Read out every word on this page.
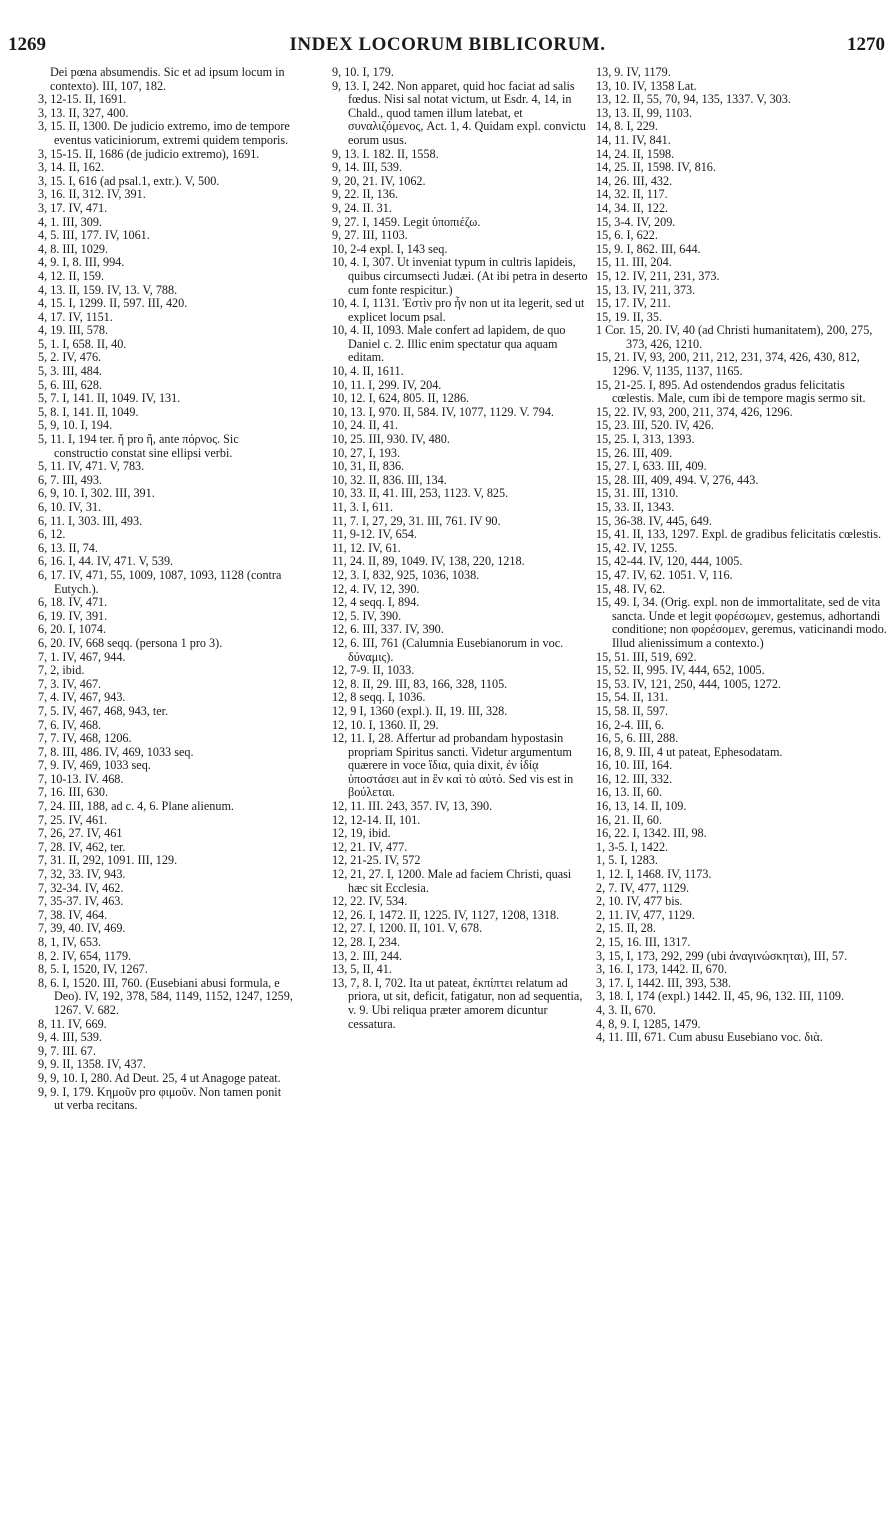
1269	INDEX LOCORUM BIBLICORUM.	1270
Dei pœna absumendis. Sic et ad ipsum locum in contexto). III, 107, 182.
3, 12-15. II, 1691.
3, 13. II, 327, 400.
3, 15. II, 1300. De judicio extremo, imo de tempore eventus vaticiniorum, extremi quidem temporis.
3, 15-15. II, 1686 (de judicio extremo), 1691.
3, 14. II, 162.
3, 15. I, 616 (ad psal.1, extr.). V, 500.
3, 16. II, 312. IV, 391.
3, 17. IV, 471.
4, 1. III, 309.
4, 5. III, 177. IV, 1061.
4, 8. III, 1029.
4, 9. I, 8. III, 994.
4, 12. II, 159.
4, 13. II, 159. IV, 13. V, 788.
4, 15. I, 1299. II, 597. III, 420.
4, 17. IV, 1151.
4, 19. III, 578.
5, 1. I, 658. II, 40.
5, 2. IV, 476.
5, 3. III, 484.
5, 6. III, 628.
5, 7. I, 141. II, 1049. IV, 131.
5, 8. I, 141. II, 1049.
5, 9, 10. I, 194.
5, 11. I, 194 ter. ἤ pro ἤ, ante πόρνος. Sic constructio constat sine ellipsi verbi.
5, 11. IV, 471. V, 783.
6, 7. III, 493.
6, 9, 10. I, 302. III, 391.
6, 10. IV, 31.
6, 11. I, 303. III, 493.
6, 12.
6, 13. II, 74.
6, 16. I, 44. IV, 471. V, 539.
6, 17. IV, 471, 55, 1009, 1087, 1093, 1128 (contra Eutych.).
6, 18. IV, 471.
6, 19. IV, 391.
6, 20. I, 1074.
6, 20. IV, 668 seqq. (persona 1 pro 3).
7, 1. IV, 467, 944.
7, 2, ibid.
7, 3. IV, 467.
7, 4. IV, 467, 943.
7, 5. IV, 467, 468, 943, ter.
7, 6. IV, 468.
7, 7. IV, 468, 1206.
7, 8. III, 486. IV, 469, 1033 seq.
7, 9. IV, 469, 1033 seq.
7, 10-13. IV. 468.
7, 16. III, 630.
7, 24. III, 188, ad c. 4, 6. Plane alienum.
7, 25. IV, 461.
7, 26, 27. IV, 461
7, 28. IV, 462, ter.
7, 31. II, 292, 1091. III, 129.
7, 32, 33. IV, 943.
7, 32-34. IV, 462.
7, 35-37. IV, 463.
7, 38. IV, 464.
7, 39, 40. IV, 469.
8, 1, IV, 653.
8, 2. IV, 654, 1179.
8, 5. I, 1520, IV, 1267.
8, 6. I, 1520. III, 760. (Eusebiani abusi formula, e Deo). IV, 192, 378, 584, 1149, 1152, 1247, 1259, 1267. V. 682.
8, 11. IV, 669.
9, 4. III, 539.
9, 7. III. 67.
9, 9. II, 1358. IV, 437.
9, 9, 10. I, 280. Ad Deut. 25, 4 ut Anagoge pateat.
9, 9. I, 179. Κημοῦν pro φιμοῦν. Non tamen ponit ut verba recitans.
9, 10. I, 179.
9, 13. I, 242. Non apparet, quid hoc faciat ad salis fœdus. Nisi sal notat victum, ut Esdr. 4, 14, in Chald., quod tamen illum latebat, et συναλιζόμενος, Act. 1, 4. Quidam expl. convictu eorum usus.
9, 13. I. 182. II, 1558.
9, 14. III, 539.
9, 20, 21. IV, 1062.
9, 22. II, 136.
9, 24. II. 31.
9, 27. I, 1459. Legit ὑποπιέζω.
9, 27. III, 1103.
10, 2-4 expl. I, 143 seq.
10, 4. I, 307. Ut inveniat typum in cultris lapideis, quibus circumsecti Judæi. (At ibi petra in deserto cum fonte respicitur.)
10, 4. I, 1131. Ἐστὶν pro ἦν non ut ita legerit, sed ut explicet locum psal.
10, 4. II, 1093. Male confert ad lapidem, de quo Daniel c. 2. Illic enim spectatur qua aquam editam.
10, 4. II, 1611.
10, 11. I, 299. IV, 204.
10, 12. I, 624, 805. II, 1286.
10, 13. I, 970. II, 584. IV, 1077, 1129. V. 794.
10, 24. II, 41.
10, 25. III, 930. IV, 480.
10, 27, I, 193.
10, 31, II, 836.
10, 32. II, 836. III, 134.
10, 33. II, 41. III, 253, 1123. V, 825.
11, 3. I, 611.
11, 7. I, 27, 29, 31. III, 761. IV 90.
11, 9-12. IV, 654.
11, 12. IV, 61.
11, 24. II, 89, 1049. IV, 138, 220, 1218.
12, 3. I, 832, 925, 1036, 1038.
12, 4. IV, 12, 390.
12, 4 seqq. I, 894.
12, 5. IV, 390.
12, 6. III, 337. IV, 390.
12, 6. III, 761 (Calumnia Eusebianorum in voc. δύναμις).
12, 7-9. II, 1033.
12, 8. II, 29. III, 83, 166, 328, 1105.
12, 8 seqq. I, 1036.
12, 9 I, 1360 (expl.). II, 19. III, 328.
12, 10. I, 1360. II, 29.
12, 11. I, 28. Affertur ad probandam hypostasin propriam Spiritus sancti. Videtur argumentum quærere in voce ἴδια, quia dixit, ἐν ἰδίᾳ ὑποστάσει aut in ἓν καὶ τὸ αὐτό. Sed vis est in βούλεται.
12, 11. III. 243, 357. IV, 13, 390.
12, 12-14. II, 101.
12, 19, ibid.
12, 21. IV, 477.
12, 21-25. IV, 572
12, 21, 27. I, 1200. Male ad faciem Christi, quasi hæc sit Ecclesia.
12, 22. IV, 534.
12, 26. I, 1472. II, 1225. IV, 1127, 1208, 1318.
12, 27. I, 1200. II, 101. V, 678.
12, 28. I, 234.
13, 2. III, 244.
13, 5, II, 41.
13, 7, 8. I, 702. Ita ut pateat, ἐκπίπτει relatum ad priora, ut sit, deficit, fatigatur, non ad sequentia, v. 9. Ubi reliqua præter amorem dicuntur cessatura.
13, 9. IV, 1179.
13, 10. IV, 1358 Lat.
13, 12. II, 55, 70, 94, 135, 1337. V, 303.
13, 13. II, 99, 1103.
14, 8. I, 229.
14, 11. IV, 841.
14, 24. II, 1598.
14, 25. II, 1598. IV, 816.
14, 26. III, 432.
14, 32. II, 117.
14, 34. II, 122.
15, 3-4. IV, 209.
15, 6. I, 622.
15, 9. I, 862. III, 644.
15, 11. III, 204.
15, 12. IV, 211, 231, 373.
15, 13. IV, 211, 373.
15, 17. IV, 211.
15, 19. II, 35.
1 Cor. 15, 20. IV, 40 (ad Christi humanitatem), 200, 275, 373, 426, 1210.
15, 21. IV, 93, 200, 211, 212, 231, 374, 426, 430, 812, 1296. V, 1135, 1137, 1165.
15, 21-25. I, 895. Ad ostendendos gradus felicitatis cœlestis. Male, cum ibi de tempore magis sermo sit.
15, 22. IV, 93, 200, 211, 374, 426, 1296.
15, 23. III, 520. IV, 426.
15, 25. I, 313, 1393.
15, 26. III, 409.
15, 27. I, 633. III, 409.
15, 28. III, 409, 494. V, 276, 443.
15, 31. III, 1310.
15, 33. II, 1343.
15, 36-38. IV, 445, 649.
15, 41. II, 133, 1297. Expl. de gradibus felicitatis cœlestis.
15, 42. IV, 1255.
15, 42-44. IV, 120, 444, 1005.
15, 47. IV, 62. 1051. V, 116.
15, 48. IV, 62.
15, 49. I, 34. (Orig. expl. non de immortalitate, sed de vita sancta. Unde et legit φορέσωμεν, gestemus, adhortandi conditione; non φορέσομεν, geremus, vaticinandi modo. Illud alienissimum a contexto.)
15, 51. III, 519, 692.
15, 52. II, 995. IV, 444, 652, 1005.
15, 53. IV, 121, 250, 444, 1005, 1272.
15, 54. II, 131.
15, 58. II, 597.
16, 2-4. III, 6.
16, 5, 6. III, 288.
16, 8, 9. III, 4 ut pateat, Ephesodatam.
16, 10. III, 164.
16, 12. III, 332.
16, 13. II, 60.
16, 13, 14. II, 109.
16, 21. II, 60.
16, 22. I, 1342. III, 98.
1, 3-5. I, 1422.
1, 5. I, 1283.
1, 12. I, 1468. IV, 1173.
2, 7. IV, 477, 1129.
2, 10. IV, 477 bis.
2, 11. IV, 477, 1129.
2, 15. II, 28.
2, 15, 16. III, 1317.
3, 15, I, 173, 292, 299 (ubi ἀναγινώσκηται), III, 57.
3, 16. I, 173, 1442. II, 670.
3, 17. I, 1442. III, 393, 538.
3, 18. I, 174 (expl.) 1442. II, 45, 96, 132. III, 1109.
4, 3. II, 670.
4, 8, 9. I, 1285, 1479.
4, 11. III, 671. Cum abusu Eusebiano voc. διὰ.
